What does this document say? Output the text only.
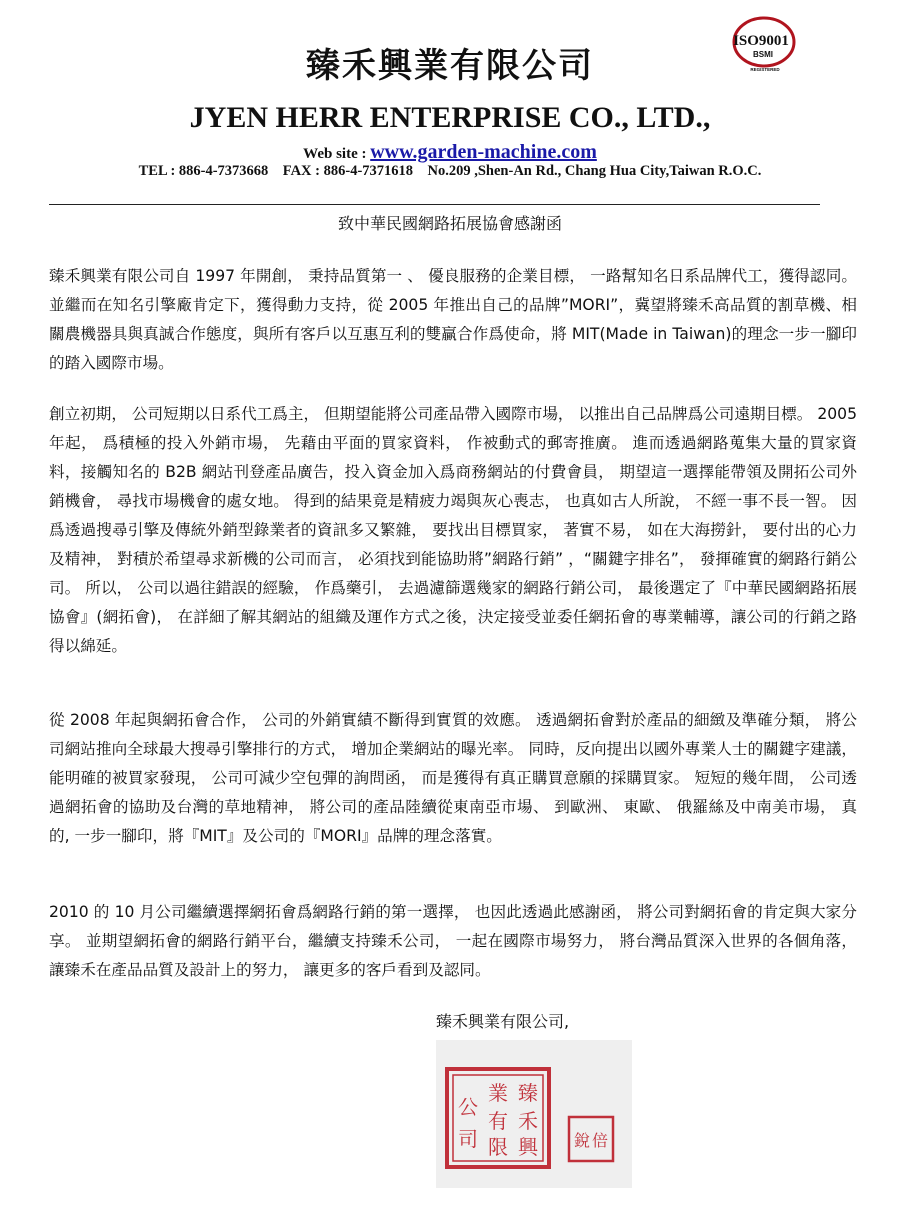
ISO9001
BSMI
REGISTERED
臻禾興業有限公司
JYEN HERR ENTERPRISE CO., LTD.,
Web site : www.garden-machine.com
TEL : 886-4-7373668    FAX : 886-4-7371618    No.209 ,Shen-An Rd., Chang Hua City,Taiwan R.O.C.
致中華民國網路拓展協會感謝函

臻禾興業有限公司自 1997 年開創， 秉持品質第一 、 優良服務的企業目標， 一路幫知名日系品牌代工，獲得認同。 並繼而在知名引擎廠肯定下，獲得動力支持，從 2005 年推出自己的品牌”MORI”，冀望將臻禾高品質的割草機、相關農機器具與真誠合作態度，與所有客戶以互惠互利的雙贏合作爲使命，將 MIT(Made in Taiwan)的理念一步一腳印的踏入國際市場。

創立初期， 公司短期以日系代工爲主， 但期望能將公司產品帶入國際市場， 以推出自己品牌爲公司遠期目標。 2005 年起， 爲積極的投入外銷市場， 先藉由平面的買家資料， 作被動式的郵寄推廣。 進而透過網路蒐集大量的買家資料，接觸知名的 B2B 網站刊登產品廣告，投入資金加入爲商務網站的付費會員， 期望這一選擇能帶領及開拓公司外銷機會， 尋找市場機會的處女地。 得到的結果竟是精疲力竭與灰心喪志， 也真如古人所說， 不經一事不長一智。 因爲透過搜尋引擎及傳統外銷型錄業者的資訊多又繁雜， 要找出目標買家， 著實不易， 如在大海撈針， 要付出的心力及精神， 對積於希望尋求新機的公司而言， 必須找到能協助將”網路行銷” ，“關鍵字排名”， 發揮確實的網路行銷公司。 所以， 公司以過往錯誤的經驗， 作爲藥引， 去過濾篩選幾家的網路行銷公司， 最後選定了『中華民國網路拓展協會』(網拓會)， 在詳細了解其網站的組織及運作方式之後，決定接受並委任網拓會的專業輔導，讓公司的行銷之路得以綿延。

從 2008 年起與網拓會合作， 公司的外銷實績不斷得到實質的效應。 透過網拓會對於產品的細緻及準確分類， 將公司網站推向全球最大搜尋引擎排行的方式， 增加企業網站的曝光率。 同時，反向提出以國外專業人士的關鍵字建議， 能明確的被買家發現， 公司可減少空包彈的詢問函， 而是獲得有真正購買意願的採購買家。 短短的幾年間， 公司透過網拓會的協助及台灣的草地精神， 將公司的產品陸續從東南亞市場、 到歐洲、 東歐、 俄羅絲及中南美市場， 真的, 一步一腳印，將『MIT』及公司的『MORI』品牌的理念落實。

2010 的 10 月公司繼續選擇網拓會爲網路行銷的第一選擇， 也因此透過此感謝函， 將公司對網拓會的肯定與大家分享。 並期望網拓會的網路行銷平台，繼續支持臻禾公司， 一起在國際市場努力， 將台灣品質深入世界的各個角落， 讓臻禾在產品品質及設計上的努力， 讓更多的客戶看到及認同。

臻禾興業有限公司,
臻
禾
興
業
有
限
公
司	倍
銳
